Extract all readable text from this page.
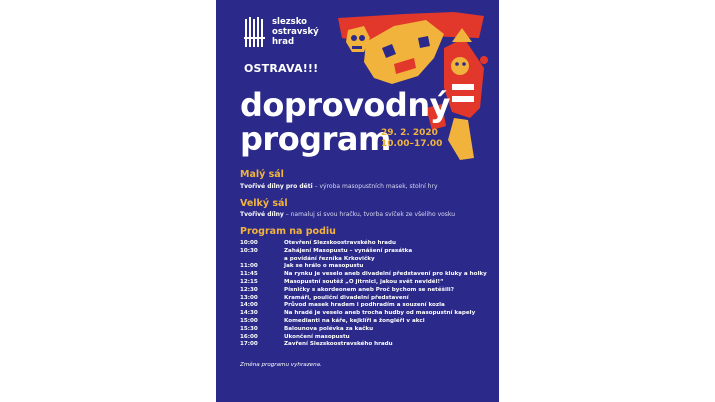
slezsko
ostravský
hrad
OSTRAVA!!!
doprovodný
program
29. 2. 2020
10.00–17.00
Malý sál
Tvořivé dílny pro děti – výroba masopustních masek, stolní hry
Velký sál
Tvořivé dílny – namaluj si svou hračku, tvorba svíček ze všeliho vosku
Program na podiu
10:00	Otevření Slezskoostravského hradu
10:30	Zahájení Masopustu – vynášení prasátka
a povídání řezníka Krkovičky
11:00	Jak se hrálo o masopustu
11:45	Na rynku je veselo aneb divadelní představení pro kluky a holky
12:15	Masopustní soutěž „O jitrnici, jakou svět neviděl!“
12:30	Písničky s akordeonem aneb Proč bychom se netěšili?
13:00	Kramáři, pouliční divadelní představení
14:00	Průvod masek hradem i podhradím a souzení kozla
14:30	Na hradě je veselo aneb trocha hudby od masopustní kapely
15:00	Komedianti na káře, kejklíři a žongléři v akci
15:30	Balounova polévka za kačku
16:00	Ukončení masopustu
17:00	Zavření Slezskoostravského hradu
Změna programu vyhrazena.
